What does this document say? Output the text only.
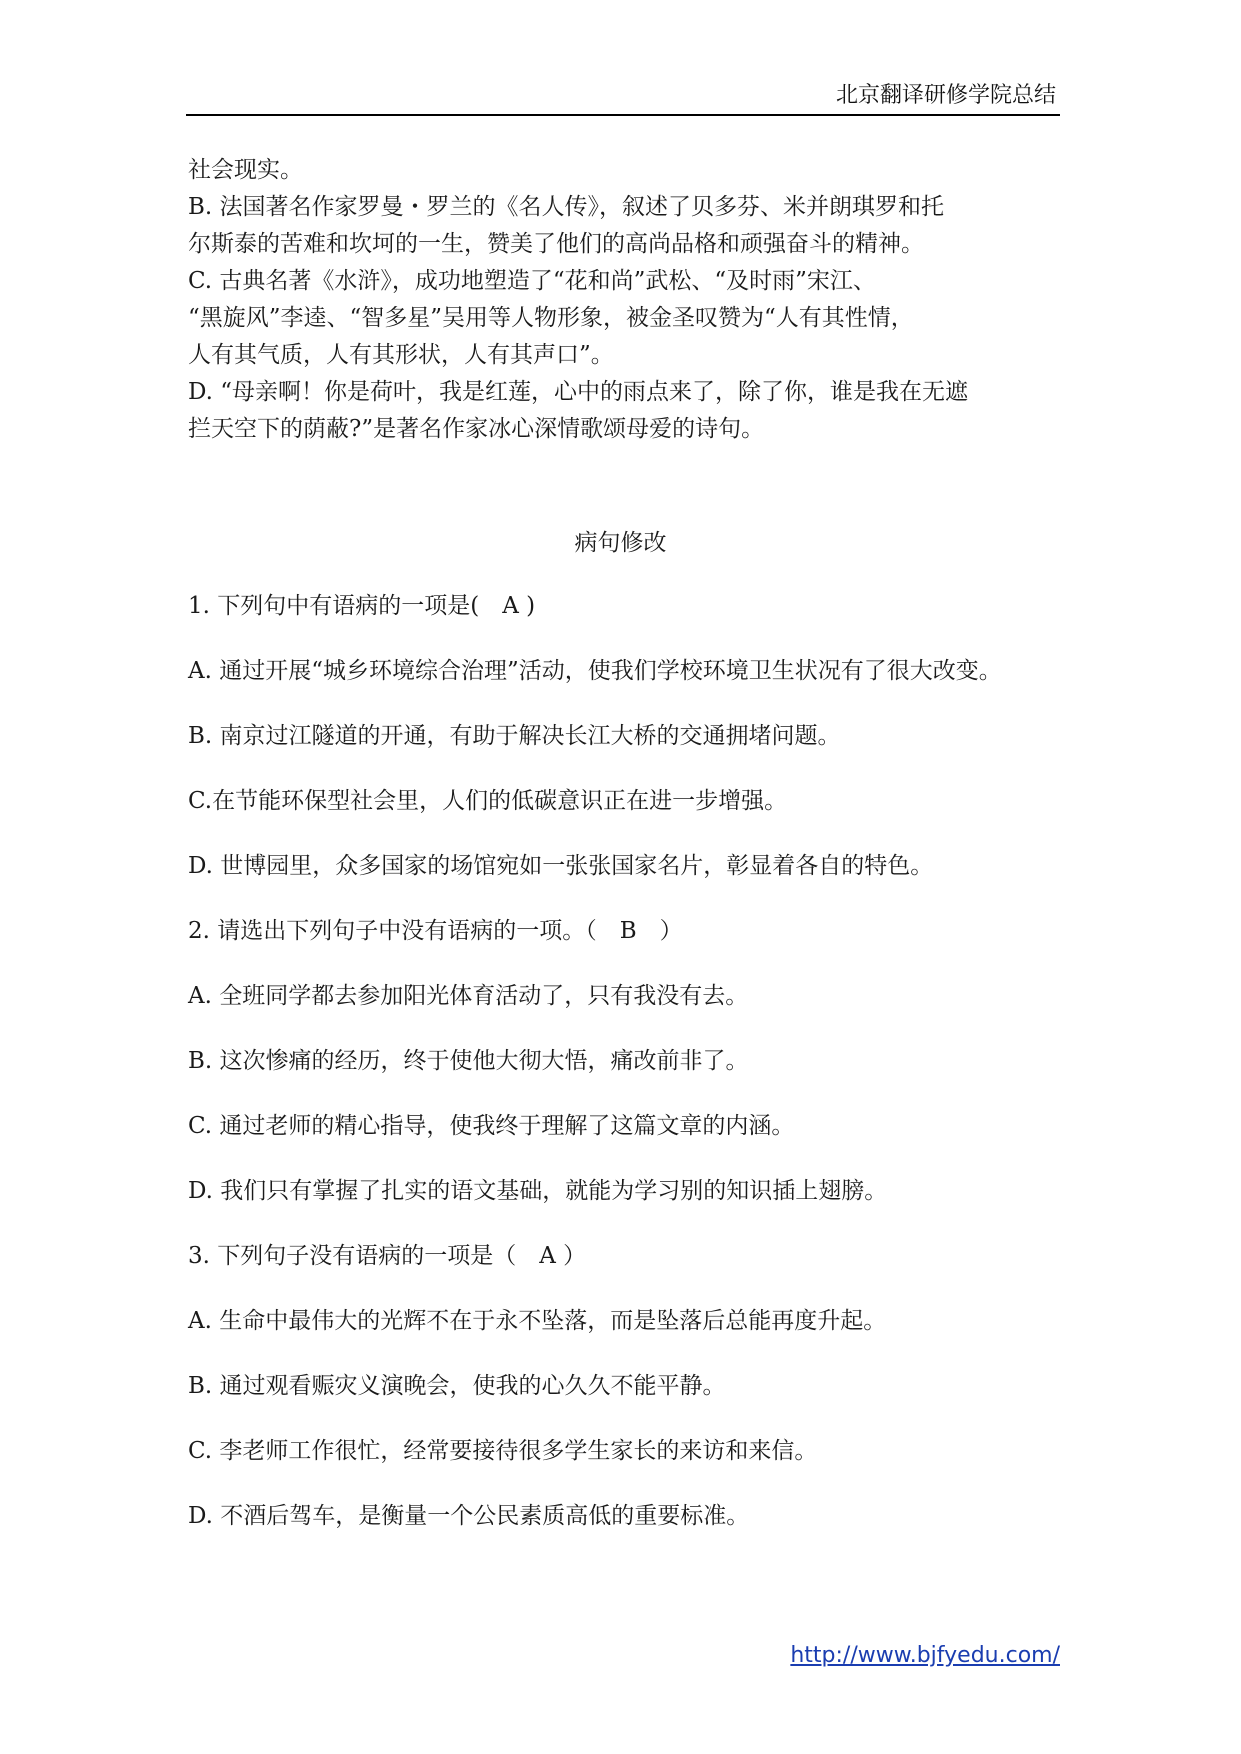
北京翻译研修学院总结

社会现实。

B. 法国著名作家罗曼・罗兰的《名人传》，叙述了贝多芬、米并朗琪罗和托

尔斯泰的苦难和坎坷的一生，赞美了他们的高尚品格和顽强奋斗的精神。

C. 古典名著《水浒》，成功地塑造了“花和尚”武松、“及时雨”宋江、

“黑旋风”李逵、“智多星”吴用等人物形象，被金圣叹赞为“人有其性情，

人有其气质，人有其形状，人有其声口”。

D. “母亲啊！你是荷叶，我是红莲，心中的雨点来了，除了你，谁是我在无遮

拦天空下的荫蔽?”是著名作家冰心深情歌颂母爱的诗句。

病句修改
1. 下列句中有语病的一项是(　A )
A. 通过开展“城乡环境综合治理”活动，使我们学校环境卫生状况有了很大改变。
B. 南京过江隧道的开通，有助于解决长江大桥的交通拥堵问题。
C.在节能环保型社会里，人们的低碳意识正在进一步增强。
D. 世博园里，众多国家的场馆宛如一张张国家名片，彰显着各自的特色。
2. 请选出下列句子中没有语病的一项。（　B　）
A. 全班同学都去参加阳光体育活动了，只有我没有去。
B. 这次惨痛的经历，终于使他大彻大悟，痛改前非了。
C. 通过老师的精心指导，使我终于理解了这篇文章的内涵。
D. 我们只有掌握了扎实的语文基础，就能为学习别的知识插上翅膀。
3. 下列句子没有语病的一项是（　A ）
A. 生命中最伟大的光辉不在于永不坠落，而是坠落后总能再度升起。
B. 通过观看赈灾义演晚会，使我的心久久不能平静。
C. 李老师工作很忙，经常要接待很多学生家长的来访和来信。
D. 不酒后驾车，是衡量一个公民素质高低的重要标准。
http://www.bjfyedu.com/
